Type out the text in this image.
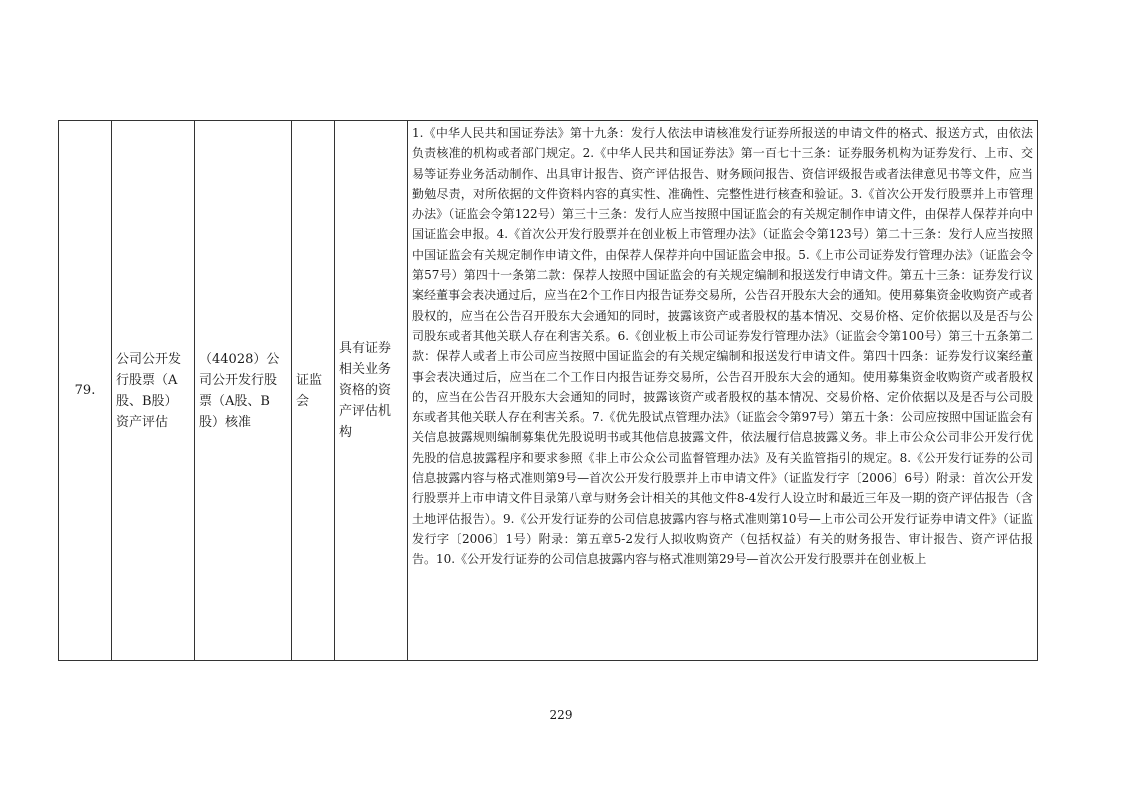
79.	公司公开发行股票（A股、B股）资产评估	（44028）公司公开发行股票（A股、B股）核准	证监会	具有证券相关业务资格的资产评估机构	1.《中华人民共和国证券法》第十九条：发行人依法申请核准发行证券所报送的申请文件的格式、报送方式，由依法负责核准的机构或者部门规定。2.《中华人民共和国证券法》第一百七十三条：证券服务机构为证券发行、上市、交易等证券业务活动制作、出具审计报告、资产评估报告、财务顾问报告、资信评级报告或者法律意见书等文件，应当勤勉尽责，对所依据的文件资料内容的真实性、准确性、完整性进行核查和验证。3.《首次公开发行股票并上市管理办法》（证监会令第122号）第三十三条：发行人应当按照中国证监会的有关规定制作申请文件，由保荐人保荐并向中国证监会申报。4.《首次公开发行股票并在创业板上市管理办法》（证监会令第123号）第二十三条：发行人应当按照中国证监会有关规定制作申请文件，由保荐人保荐并向中国证监会申报。5.《上市公司证券发行管理办法》（证监会令第57号）第四十一条第二款：保荐人按照中国证监会的有关规定编制和报送发行申请文件。第五十三条：证券发行议案经董事会表决通过后，应当在2个工作日内报告证券交易所，公告召开股东大会的通知。使用募集资金收购资产或者股权的，应当在公告召开股东大会通知的同时，披露该资产或者股权的基本情况、交易价格、定价依据以及是否与公司股东或者其他关联人存在利害关系。6.《创业板上市公司证券发行管理办法》（证监会令第100号）第三十五条第二款：保荐人或者上市公司应当按照中国证监会的有关规定编制和报送发行申请文件。第四十四条：证券发行议案经董事会表决通过后，应当在二个工作日内报告证券交易所，公告召开股东大会的通知。使用募集资金收购资产或者股权的，应当在公告召开股东大会通知的同时，披露该资产或者股权的基本情况、交易价格、定价依据以及是否与公司股东或者其他关联人存在利害关系。7.《优先股试点管理办法》（证监会令第97号）第五十条：公司应按照中国证监会有关信息披露规则编制募集优先股说明书或其他信息披露文件，依法履行信息披露义务。非上市公众公司非公开发行优先股的信息披露程序和要求参照《非上市公众公司监督管理办法》及有关监管指引的规定。8.《公开发行证券的公司信息披露内容与格式准则第9号—首次公开发行股票并上市申请文件》（证监发行字〔2006〕6号）附录：首次公开发行股票并上市申请文件目录第八章与财务会计相关的其他文件8-4发行人设立时和最近三年及一期的资产评估报告（含土地评估报告）。9.《公开发行证券的公司信息披露内容与格式准则第10号—上市公司公开发行证券申请文件》（证监发行字〔2006〕1号）附录：第五章5-2发行人拟收购资产（包括权益）有关的财务报告、审计报告、资产评估报告。10.《公开发行证券的公司信息披露内容与格式准则第29号—首次公开发行股票并在创业板上
229
